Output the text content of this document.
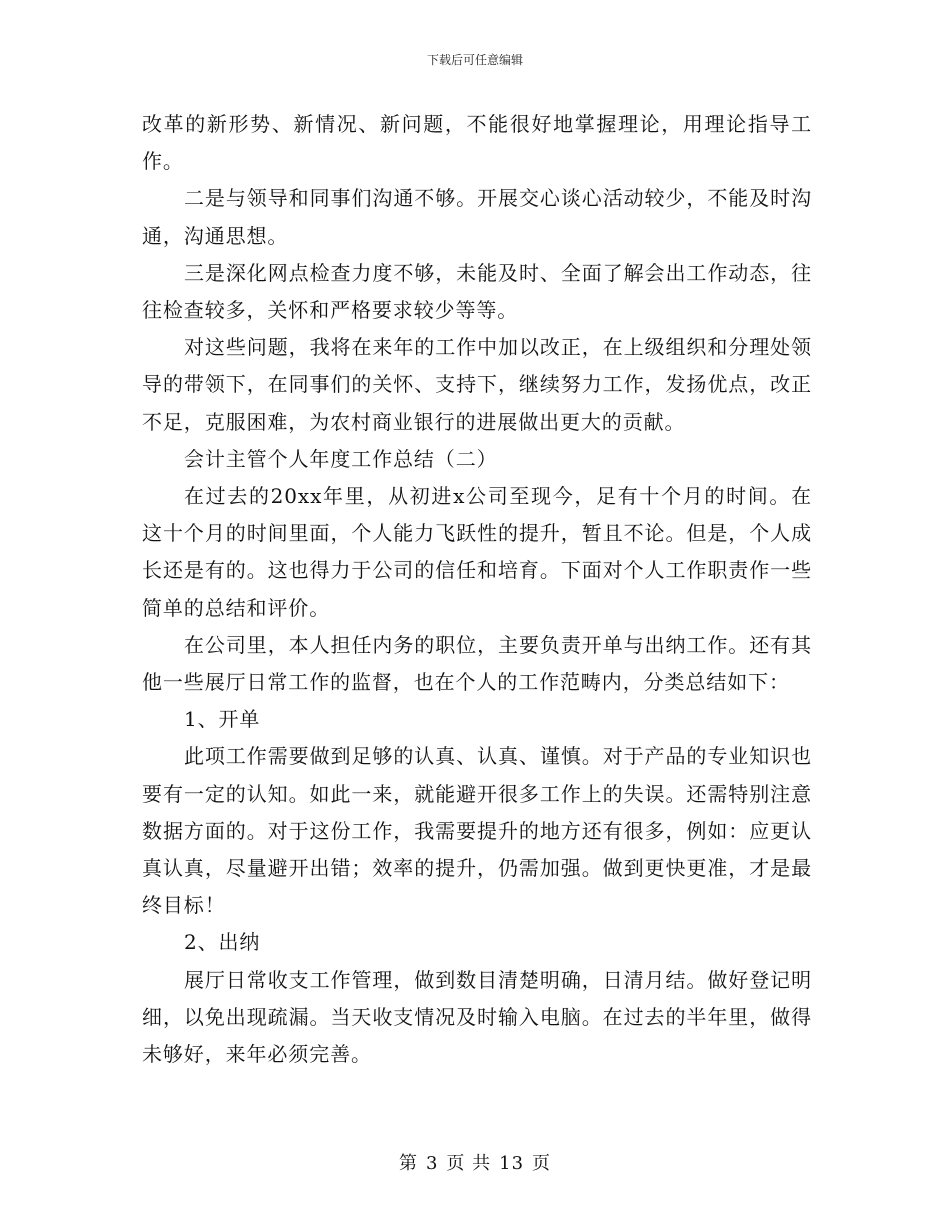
下载后可任意编辑

改革的新形势、新情况、新问题，不能很好地掌握理论，用理论指导工作。

二是与领导和同事们沟通不够。开展交心谈心活动较少，不能及时沟通，沟通思想。

三是深化网点检查力度不够，未能及时、全面了解会出工作动态，往往检查较多，关怀和严格要求较少等等。

对这些问题，我将在来年的工作中加以改正，在上级组织和分理处领导的带领下，在同事们的关怀、支持下，继续努力工作，发扬优点，改正不足，克服困难，为农村商业银行的进展做出更大的贡献。

会计主管个人年度工作总结（二）

在过去的20xx年里，从初进x公司至现今，足有十个月的时间。在这十个月的时间里面，个人能力飞跃性的提升，暂且不论。但是，个人成长还是有的。这也得力于公司的信任和培育。下面对个人工作职责作一些简单的总结和评价。

在公司里，本人担任内务的职位，主要负责开单与出纳工作。还有其他一些展厅日常工作的监督，也在个人的工作范畴内，分类总结如下：

1、开单

此项工作需要做到足够的认真、认真、谨慎。对于产品的专业知识也要有一定的认知。如此一来，就能避开很多工作上的失误。还需特别注意数据方面的。对于这份工作，我需要提升的地方还有很多，例如：应更认真认真，尽量避开出错；效率的提升，仍需加强。做到更快更准，才是最终目标！

2、出纳

展厅日常收支工作管理，做到数目清楚明确，日清月结。做好登记明细，以免出现疏漏。当天收支情况及时输入电脑。在过去的半年里，做得未够好，来年必须完善。

第 3 页 共 13 页
